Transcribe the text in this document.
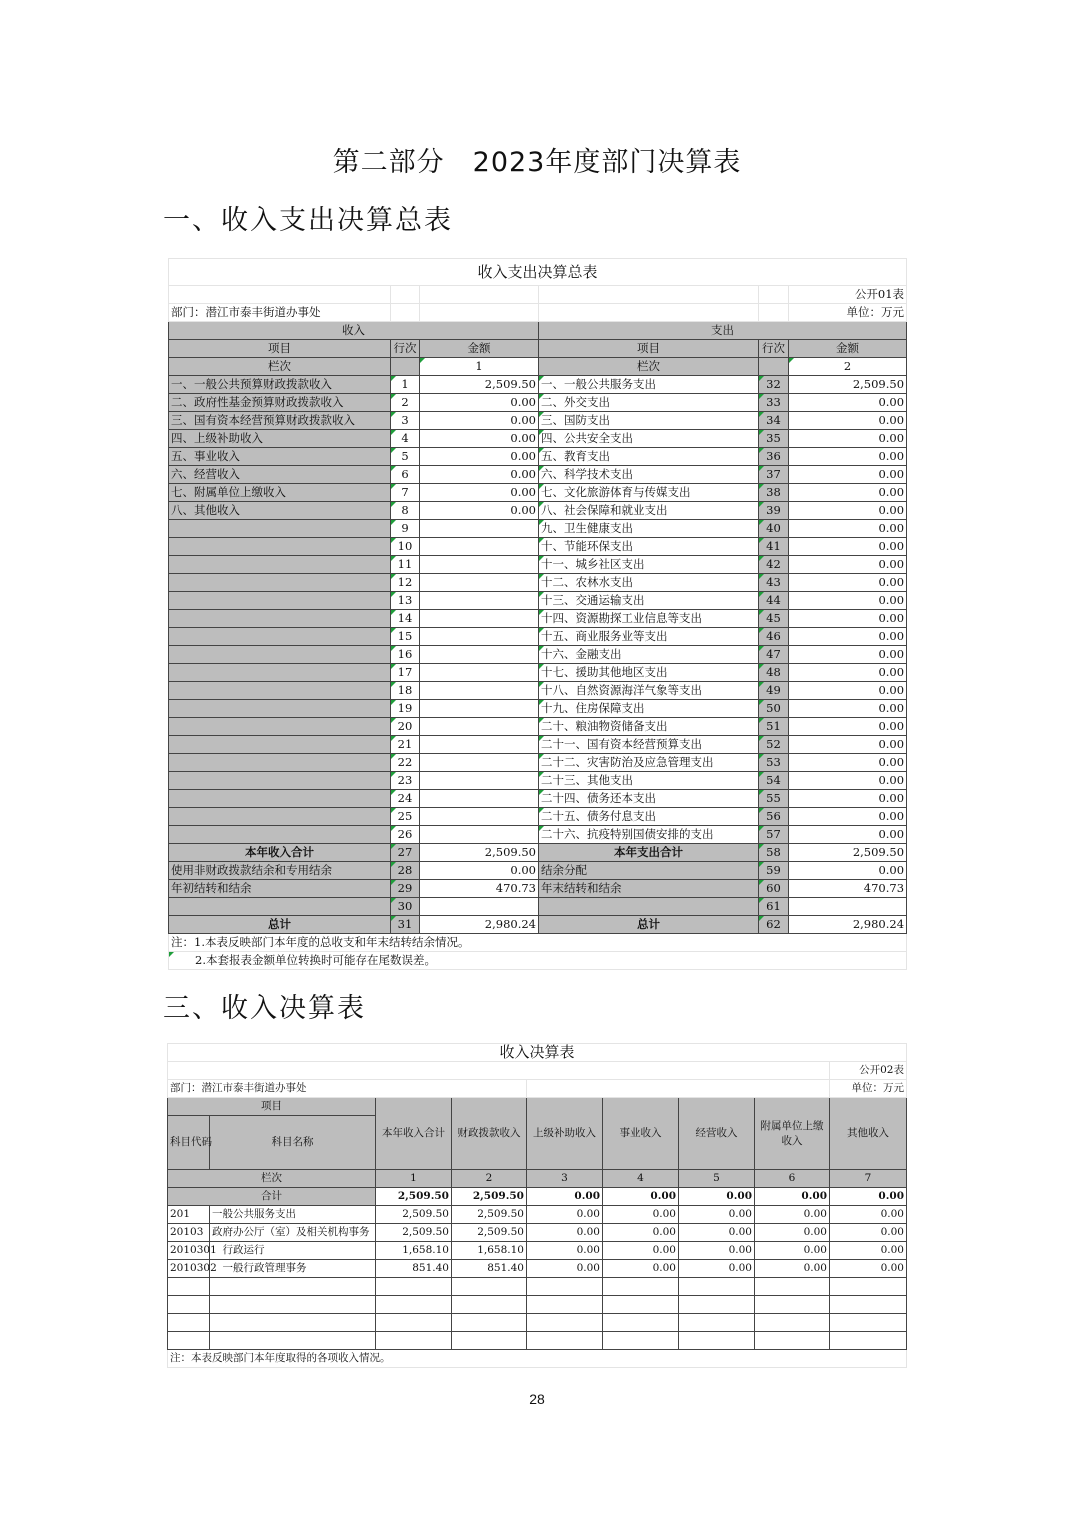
第二部分　2023年度部门决算表
一、收入支出决算总表
收入支出决算总表					
					公开01表
部门：潜江市泰丰街道办事处					单位：万元
收入			支出		
项目	行次	金额	项目	行次	金额
栏次		1	栏次		2
一、一般公共预算财政拨款收入	1	2,509.50	一、一般公共服务支出	32	2,509.50
二、政府性基金预算财政拨款收入	2	0.00	二、外交支出	33	0.00
三、国有资本经营预算财政拨款收入	3	0.00	三、国防支出	34	0.00
四、上级补助收入	4	0.00	四、公共安全支出	35	0.00
五、事业收入	5	0.00	五、教育支出	36	0.00
六、经营收入	6	0.00	六、科学技术支出	37	0.00
七、附属单位上缴收入	7	0.00	七、文化旅游体育与传媒支出	38	0.00
八、其他收入	8	0.00	八、社会保障和就业支出	39	0.00
	9		九、卫生健康支出	40	0.00
	10		十、节能环保支出	41	0.00
	11		十一、城乡社区支出	42	0.00
	12		十二、农林水支出	43	0.00
	13		十三、交通运输支出	44	0.00
	14		十四、资源勘探工业信息等支出	45	0.00
	15		十五、商业服务业等支出	46	0.00
	16		十六、金融支出	47	0.00
	17		十七、援助其他地区支出	48	0.00
	18		十八、自然资源海洋气象等支出	49	0.00
	19		十九、住房保障支出	50	0.00
	20		二十、粮油物资储备支出	51	0.00
	21		二十一、国有资本经营预算支出	52	0.00
	22		二十二、灾害防治及应急管理支出	53	0.00
	23		二十三、其他支出	54	0.00
	24		二十四、债务还本支出	55	0.00
	25		二十五、债务付息支出	56	0.00
	26		二十六、抗疫特别国债安排的支出	57	0.00
本年收入合计	27	2,509.50	本年支出合计	58	2,509.50
使用非财政拨款结余和专用结余	28	0.00	结余分配	59	0.00
年初结转和结余	29	470.73	年末结转和结余	60	470.73
	30			61	
总计	31	2,980.24	总计	62	2,980.24
注：1.本表反映部门本年度的总收支和年末结转结余情况。					
2.本套报表金额单位转换时可能存在尾数误差。					
三、收入决算表
收入决算表								
								公开02表
部门：潜江市泰丰街道办事处								单位：万元
项目		本年收入合计	财政拨款收入	上级补助收入	事业收入	经营收入	附属单位上缴收入	其他收入
科目代码	科目名称							
栏次		1	2	3	4	5	6	7
合计		2,509.50	2,509.50	0.00	0.00	0.00	0.00	0.00
201	一般公共服务支出	2,509.50	2,509.50	0.00	0.00	0.00	0.00	0.00
20103	政府办公厅（室）及相关机构事务	2,509.50	2,509.50	0.00	0.00	0.00	0.00	0.00
2010301	　行政运行	1,658.10	1,658.10	0.00	0.00	0.00	0.00	0.00
2010302	　一般行政管理事务	851.40	851.40	0.00	0.00	0.00	0.00	0.00

注：本表反映部门本年度取得的各项收入情况。								
28
